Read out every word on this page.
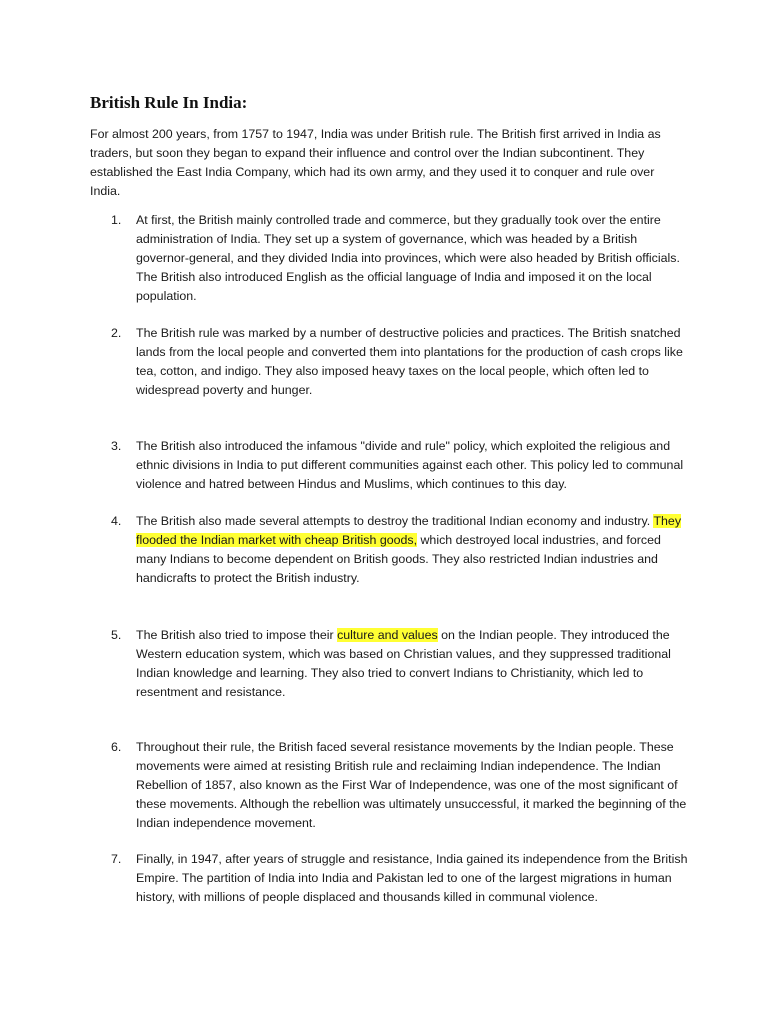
British Rule In India:

For almost 200 years, from 1757 to 1947, India was under British rule. The British first arrived in India as traders, but soon they began to expand their influence and control over the Indian subcontinent. They established the East India Company, which had its own army, and they used it to conquer and rule over India.

1. At first, the British mainly controlled trade and commerce, but they gradually took over the entire administration of India. They set up a system of governance, which was headed by a British governor-general, and they divided India into provinces, which were also headed by British officials. The British also introduced English as the official language of India and imposed it on the local population.

2. The British rule was marked by a number of destructive policies and practices. The British snatched lands from the local people and converted them into plantations for the production of cash crops like tea, cotton, and indigo. They also imposed heavy taxes on the local people, which often led to widespread poverty and hunger.

3. The British also introduced the infamous "divide and rule" policy, which exploited the religious and ethnic divisions in India to put different communities against each other. This policy led to communal violence and hatred between Hindus and Muslims, which continues to this day.

4. The British also made several attempts to destroy the traditional Indian economy and industry. They flooded the Indian market with cheap British goods, which destroyed local industries, and forced many Indians to become dependent on British goods. They also restricted Indian industries and handicrafts to protect the British industry.

5. The British also tried to impose their culture and values on the Indian people. They introduced the Western education system, which was based on Christian values, and they suppressed traditional Indian knowledge and learning. They also tried to convert Indians to Christianity, which led to resentment and resistance.

6. Throughout their rule, the British faced several resistance movements by the Indian people. These movements were aimed at resisting British rule and reclaiming Indian independence. The Indian Rebellion of 1857, also known as the First War of Independence, was one of the most significant of these movements. Although the rebellion was ultimately unsuccessful, it marked the beginning of the Indian independence movement.

7. Finally, in 1947, after years of struggle and resistance, India gained its independence from the British Empire. The partition of India into India and Pakistan led to one of the largest migrations in human history, with millions of people displaced and thousands killed in communal violence.
